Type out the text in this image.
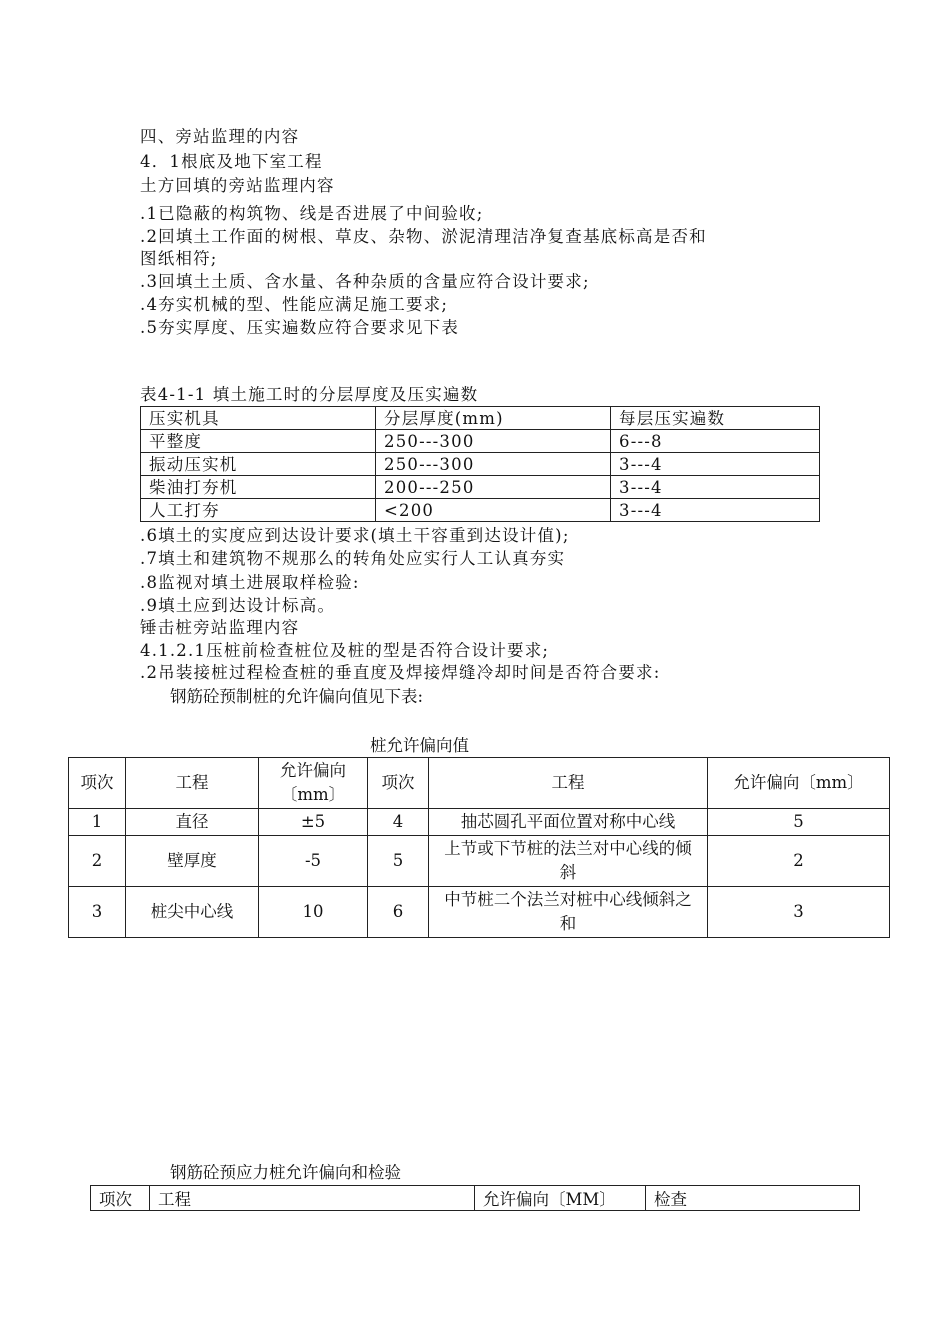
四、旁站监理的内容
4．1根底及地下室工程
土方回填的旁站监理内容
.1已隐蔽的构筑物、线是否进展了中间验收;
.2回填土工作面的树根、草皮、杂物、淤泥清理洁净复查基底标高是否和
图纸相符;
.3回填土土质、含水量、各种杂质的含量应符合设计要求;
.4夯实机械的型、性能应满足施工要求;
.5夯实厚度、压实遍数应符合要求见下表
表4-1-1 填土施工时的分层厚度及压实遍数
压实机具	分层厚度(mm)	每层压实遍数
平整度	250---300	6---8
振动压实机	250---300	3---4
柴油打夯机	200---250	3---4
人工打夯	<200	3---4
.6填土的实度应到达设计要求(填土干容重到达设计值);
.7填土和建筑物不规那么的转角处应实行人工认真夯实
.8监视对填土进展取样检验:
.9填土应到达设计标高。
锤击桩旁站监理内容
4.1.2.1压桩前检查桩位及桩的型是否符合设计要求;
.2吊装接桩过程检查桩的垂直度及焊接焊缝冷却时间是否符合要求:
钢筋砼预制桩的允许偏向值见下表:
桩允许偏向值
项次	工程	允许偏向〔mm〕	项次	工程	允许偏向〔mm〕
1	直径	±5	4	抽芯圆孔平面位置对称中心线	5
2	壁厚度	-5	5	上节或下节桩的法兰对中心线的倾斜	2
3	桩尖中心线	10	6	中节桩二个法兰对桩中心线倾斜之和	3
钢筋砼预应力桩允许偏向和检验
项次	工程	允许偏向〔MM〕	检查
